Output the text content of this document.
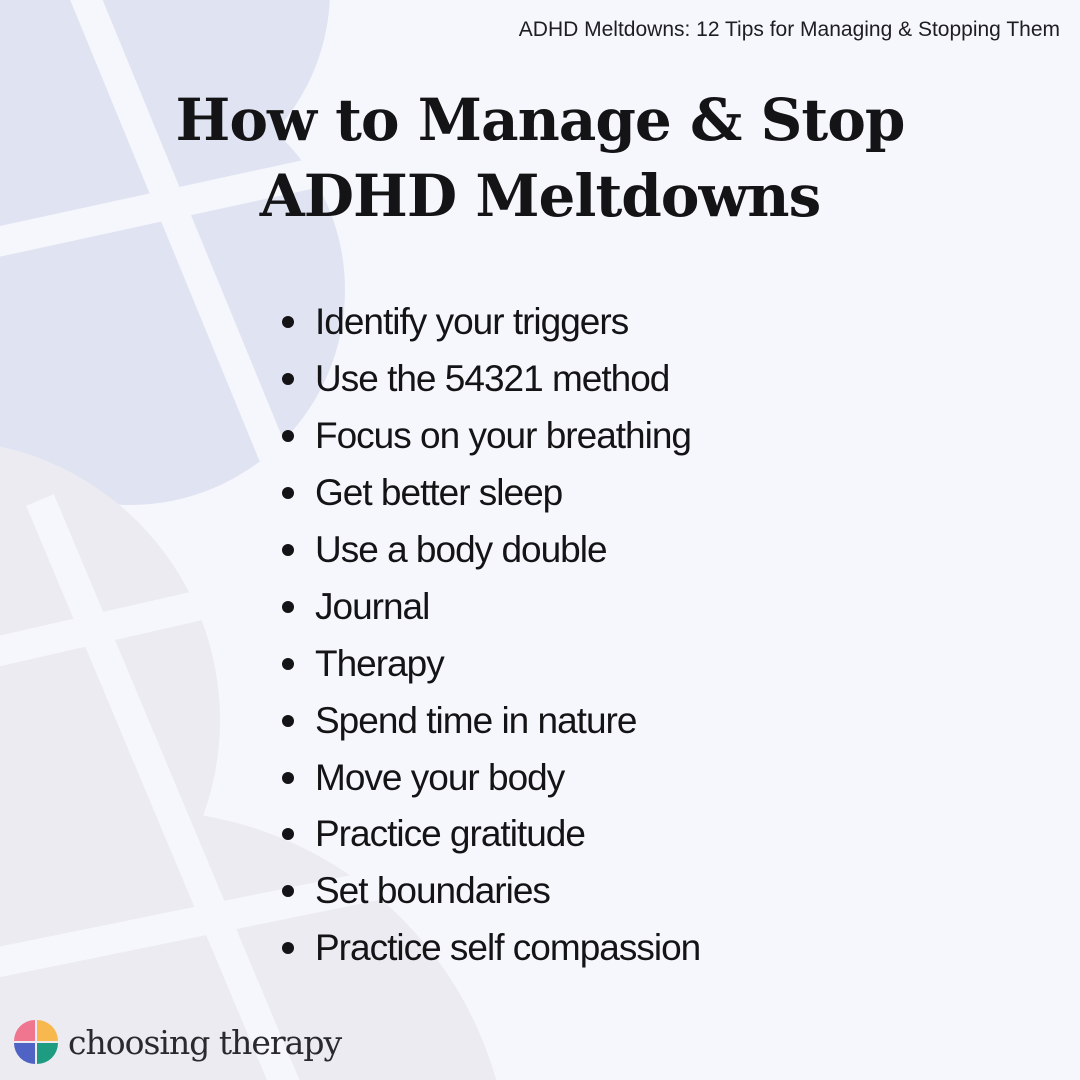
ADHD Meltdowns: 12 Tips for Managing & Stopping Them

How to Manage & Stop
ADHD Meltdowns
Identify your triggers
Use the 54321 method
Focus on your breathing
Get better sleep
Use a body double
Journal
Therapy
Spend time in nature
Move your body
Practice gratitude
Set boundaries
Practice self compassion
choosing therapy
